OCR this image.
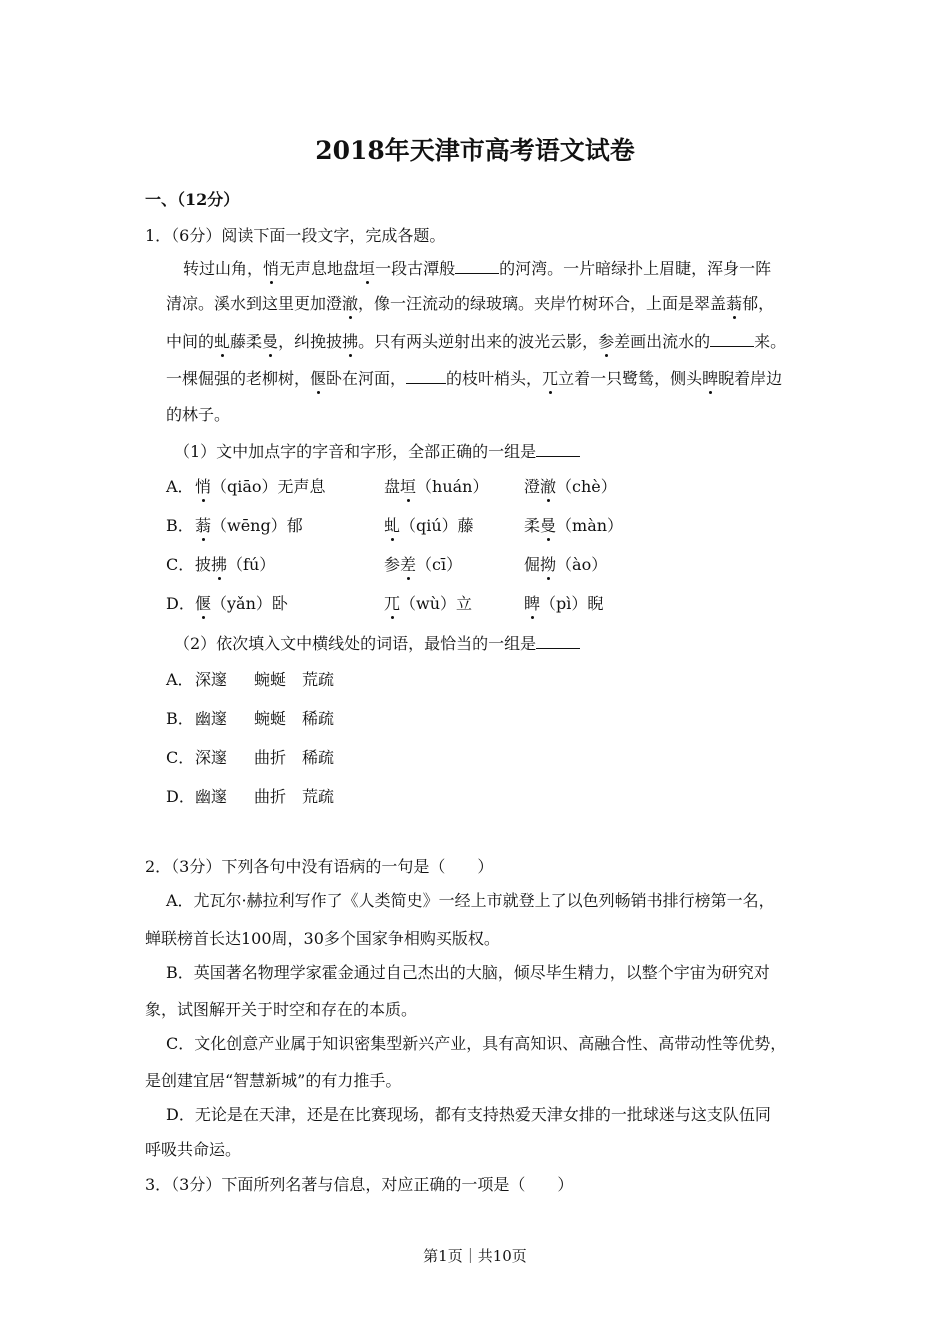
2018年天津市高考语文试卷
一、（12分）
1．（6分）阅读下面一段文字，完成各题。
转过山角，悄无声息地盘垣一段古潭般	的河湾。一片暗绿扑上眉睫，浑身一阵
清凉。溪水到这里更加澄澈，像一汪流动的绿玻璃。夹岸竹树环合，上面是翠盖蓊郁，
中间的虬藤柔曼，纠挽披拂。只有两头逆射出来的波光云影，参差画出流水的	来。
一棵倔强的老柳树，偃卧在河面，	的枝叶梢头，兀立着一只鹭鸶，侧头睥睨着岸边
的林子。
（1）文中加点字的字音和字形，全部正确的一组是
A． 悄（qiāo）无声息	盘垣（huán） 澄澈（chè）
B． 蓊（wēng）郁	虬（qiú）藤	柔曼（màn）
C． 披拂（fú）	参差（cī）	倔拗（ào）
D． 偃（yǎn）卧	兀（wù）立	睥（pì）睨
（2）依次填入文中横线处的词语，最恰当的一组是
A． 深邃 蜿蜒 荒疏
B． 幽邃 蜿蜒 稀疏
C． 深邃 曲折 稀疏
D． 幽邃 曲折 荒疏
2．（3分）下列各句中没有语病的一句是（　　）
A．尤瓦尔·赫拉利写作了《人类简史》一经上市就登上了以色列畅销书排行榜第一名，
蝉联榜首长达100周，30多个国家争相购买版权。
B．英国著名物理学家霍金通过自己杰出的大脑，倾尽毕生精力，以整个宇宙为研究对
象，试图解开关于时空和存在的本质。
C．文化创意产业属于知识密集型新兴产业，具有高知识、高融合性、高带动性等优势，
是创建宜居“智慧新城”的有力推手。
D．无论是在天津，还是在比赛现场，都有支持热爱天津女排的一批球迷与这支队伍同
呼吸共命运。
3．（3分）下面所列名著与信息，对应正确的一项是（　　）
第1页｜共10页
